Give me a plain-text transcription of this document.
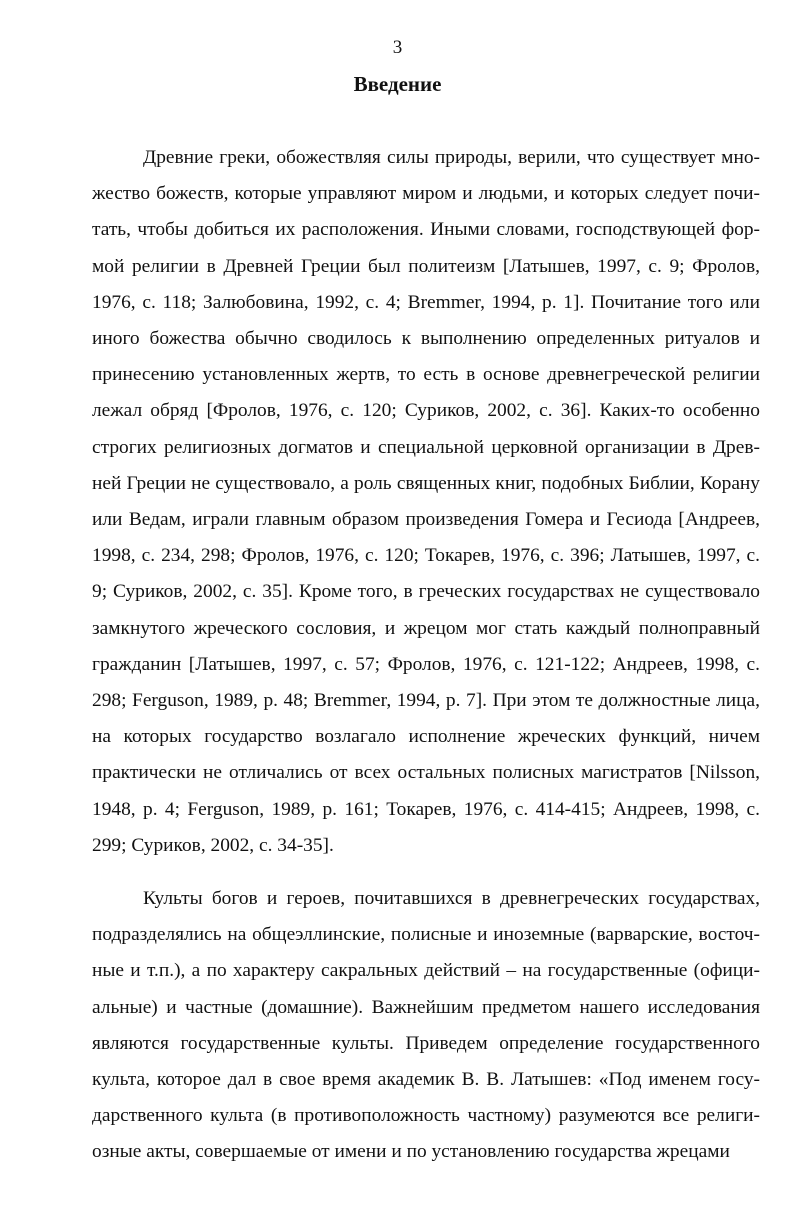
3
Введение

Древние греки, обожествляя силы природы, верили, что существует множество божеств, которые управляют миром и людьми, и которых следует почитать, чтобы добиться их расположения. Иными словами, господствующей формой религии в Древней Греции был политеизм [Латышев, 1997, с. 9; Фролов, 1976, с. 118; Залюбовина, 1992, с. 4; Bremmer, 1994, p. 1]. Почитание того или иного божества обычно сводилось к выполнению определенных ритуалов и принесению установленных жертв, то есть в основе древнегреческой религии лежал обряд [Фролов, 1976, с. 120; Суриков, 2002, с. 36]. Каких-то особенно строгих религиозных догматов и специальной церковной организации в Древней Греции не существовало, а роль священных книг, подобных Библии, Корану или Ведам, играли главным образом произведения Гомера и Гесиода [Андреев, 1998, с. 234, 298; Фролов, 1976, с. 120; Токарев, 1976, с. 396; Латышев, 1997, с. 9; Суриков, 2002, с. 35]. Кроме того, в греческих государствах не существовало замкнутого жреческого сословия, и жрецом мог стать каждый полноправный гражданин [Латышев, 1997, с. 57; Фролов, 1976, с. 121-122; Андреев, 1998, с. 298; Ferguson, 1989, p. 48; Bremmer, 1994, p. 7]. При этом те должностные лица, на которых государство возлагало исполнение жреческих функций, ничем практически не отличались от всех остальных полисных магистратов [Nilsson, 1948, p. 4; Ferguson, 1989, p. 161; Токарев, 1976, с. 414-415; Андреев, 1998, с. 299; Суриков, 2002, с. 34-35].

Культы богов и героев, почитавшихся в древнегреческих государствах, подразделялись на общеэллинские, полисные и иноземные (варварские, восточные и т.п.), а по характеру сакральных действий – на государственные (официальные) и частные (домашние). Важнейшим предметом нашего исследования являются государственные культы. Приведем определение государственного культа, которое дал в свое время академик В. В. Латышев: «Под именем государственного культа (в противоположность частному) разумеются все религиозные акты, совершаемые от имени и по установлению государства жрецами
